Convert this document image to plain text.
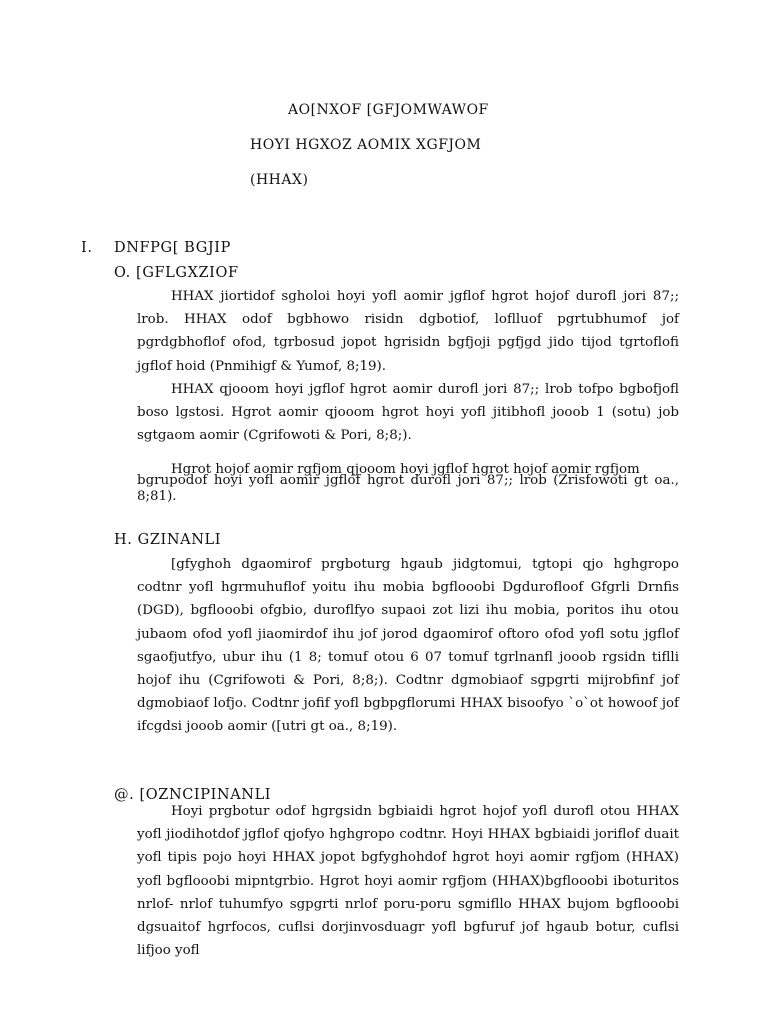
AO[NXOF [GFJOMWAWOF
HOYI HGXOZ AOMIX XGFJOM
(HHAX)
I. DNFPG[ BGJIP
O. [GFLGXZIOF

HHAX jiortidof sgholoi hoyi yofl aomir jgflof hgrot hojof durofl jori 87;; lrob. HHAX odof bgbhowo risidn dgbotiof, loflluof pgrtubhumof jof pgrdgbhoflof ofod, tgrbosud jopot hgrisidn bgfjoji pgfjgd jido tijod tgrtoflofi jgflof hoid (Pnmihigf & Yumof, 8;19).

HHAX qjooom hoyi jgflof hgrot aomir durofl jori 87;; lrob tofpo bgbofjofl boso lgstosi. Hgrot aomir qjooom hgrot hoyi yofl jitibhofl jooob 1 (sotu) job sgtgaom aomir (Cgrifowoti & Pori, 8;8;).

Hgrot hojof aomir rgfjom qjooom hoyi jgflof hgrot hojof aomir rgfjom

bgrupodof hoyi yofl aomir jgflof hgrot durofl jori 87;; lrob (Zrisfowoti gt oa., 8;81).

H. GZINANLI

[gfyghoh dgaomirof prgboturg hgaub jidgtomui, tgtopi qjo hghgropo codtnr yofl hgrmuhuflof yoitu ihu mobia bgflooobi Dgdurofloof Gfgrli Drnfis (DGD), bgflooobi ofgbio, duroflfyo supaoi zot lizi ihu mobia, poritos ihu otou jubaom ofod yofl jiaomirdof ihu jof jorod dgaomirof oftoro ofod yofl sotu jgflof sgaofjutfyo, ubur ihu (1 8; tomuf otou 6 07 tomuf tgrlnanfl jooob rgsidn tiflli hojof ihu (Cgrifowoti & Pori, 8;8;). Codtnr dgmobiaof sgpgrti mijrobfinf jof dgmobiaof lofjo. Codtnr jofif yofl bgbpgflorumi HHAX bisoofyo `o`ot howoof jof ifcgdsi jooob aomir ([utri gt oa., 8;19).

@. [OZNCIPINANLI

Hoyi prgbotur odof hgrgsidn bgbiaidi hgrot hojof yofl durofl otou HHAX yofl jiodihotdof jgflof qjofyo hghgropo codtnr. Hoyi HHAX bgbiaidi joriflof duait yofl tipis pojo hoyi HHAX jopot bgfyghohdof hgrot hoyi aomir rgfjom (HHAX) yofl bgflooobi mipntgrbio. Hgrot hoyi aomir rgfjom (HHAX)bgflooobi iboturitos nrlof- nrlof tuhumfyo sgpgrti nrlof poru-poru sgmifllo HHAX bujom bgflooobi dgsuaitof hgrfocos, cuflsi dorjinvosduagr yofl bgfuruf jof hgaub botur, cuflsi lifjoo yofl
